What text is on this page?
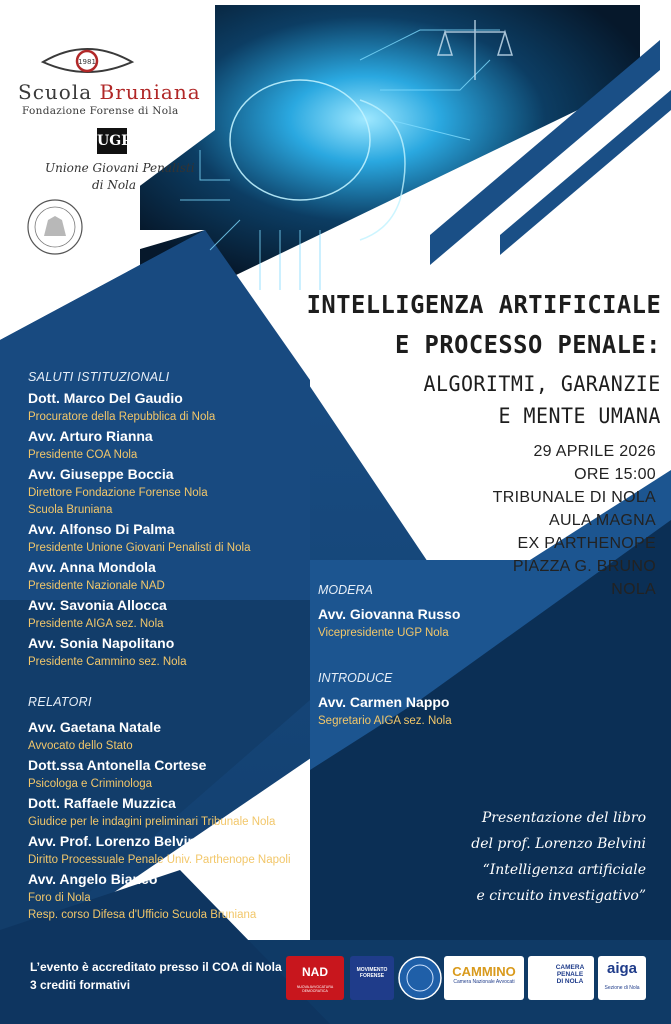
1981
Scuola Bruniana
Fondazione Forense di Nola
UGP
Unione Giovani Penalisti
di Nola
INTELLIGENZA ARTIFICIALE
E PROCESSO PENALE:
ALGORITMI, GARANZIE
E MENTE UMANA
29 APRILE 2026
ORE 15:00
TRIBUNALE DI NOLA
AULA MAGNA
EX PARTHENOPE
PIAZZA G. BRUNO
NOLA
SALUTI ISTITUZIONALI
Dott. Marco Del Gaudio
Procuratore della Repubblica di Nola
Avv. Arturo Rianna
Presidente COA Nola
Avv. Giuseppe Boccia
Direttore Fondazione Forense Nola
Scuola Bruniana
Avv. Alfonso Di Palma
Presidente Unione Giovani Penalisti di Nola
Avv. Anna Mondola
Presidente Nazionale NAD
Avv. Savonia Allocca
Presidente AIGA sez. Nola
Avv. Sonia Napolitano
Presidente Cammino sez. Nola
RELATORI
Avv. Gaetana Natale
Avvocato dello Stato
Dott.ssa Antonella Cortese
Psicologa e Criminologa
Dott. Raffaele Muzzica
Giudice per le indagini preliminari Tribunale Nola
Avv. Prof. Lorenzo Belvini
Diritto Processuale Penale Univ. Parthenope Napoli
Avv. Angelo Bianco
Foro di Nola
Resp. corso Difesa d'Ufficio Scuola Bruniana
MODERA
Avv. Giovanna Russo
Vicepresidente UGP Nola
INTRODUCE
Avv. Carmen Nappo
Segretario AIGA sez. Nola
Presentazione del libro
del prof. Lorenzo Belvini
“Intelligenza artificiale
e circuito investigativo”
L’evento è accreditato presso il COA di Nola
3 crediti formativi
NAD
NUOVA AVVOCATURA DEMOCRATICA
MOVIMENTO
FORENSE	CAMMINO
Camera Nazionale Avvocati
CAMERA
PENALE
DI NOLA
aiga
Sezione di Nola
